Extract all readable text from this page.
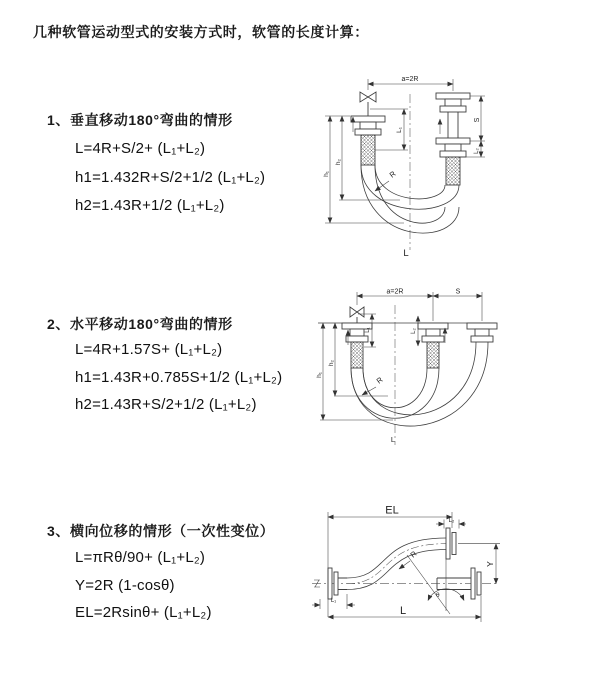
几种软管运动型式的安装方式时，软管的长度计算：
1、垂直移动180°弯曲的情形
L=4R+S/2+ (L₁+L₂)
h1=1.432R+S/2+1/2 (L₁+L₂)
h2=1.43R+1/2 (L₁+L₂)
a=2R
S
L₂
L₁
h₂
h₁	R
L
2、水平移动180°弯曲的情形
L=4R+1.57S+ (L₁+L₂)
h1=1.43R+0.785S+1/2 (L₁+L₂)
h2=1.43R+S/2+1/2 (L₁+L₂)
a=2R	S
L₁	L₂
h₂
h₁
R
L
3、横向位移的情形（一次性变位）
L=πRθ/90+ (L₁+L₂)
Y=2R (1-cosθ)
EL=2Rsinθ+ (L₁+L₂)
EL
L₂
Y
L
L₁
R
θ
